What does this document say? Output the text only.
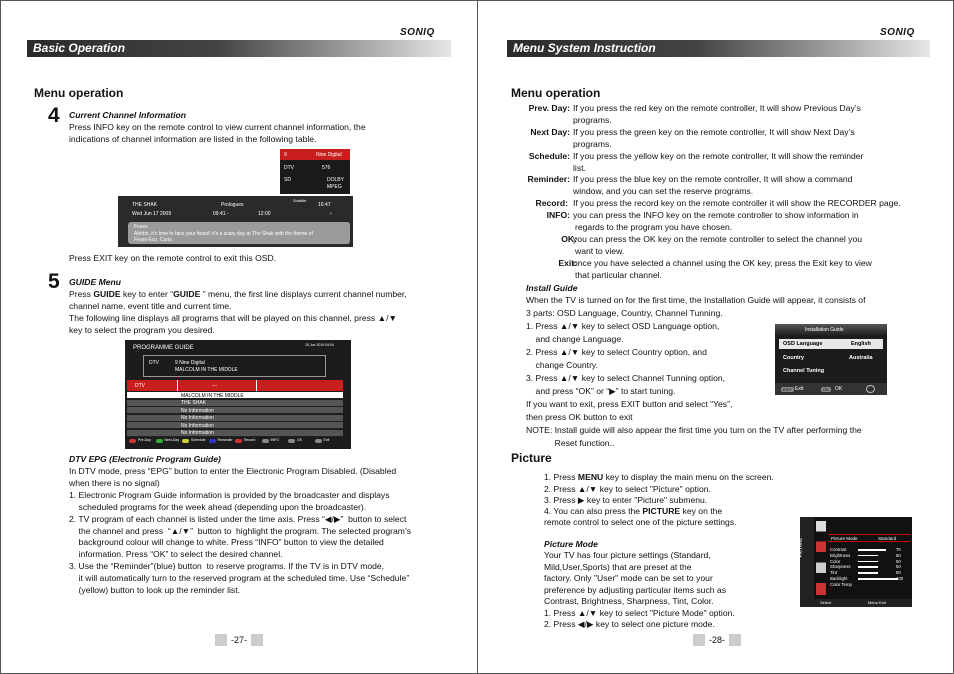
SONIQ
Basic Operation
Menu operation
4 Current Channel Information
Press INFO key on the remote control to view current channel information, the
indications of channel information are listed in the following table.
9	Nine Digital
DTV	576
SD	DOLBY
MPEG
Subtitle
16:47
THE SHAK	Prologues
Wed Jun 17 2009	09:41 -	12:00	›
Foxes
Ahhhh, it's time to face your fears!! it's a scary day at The Shak with the theme of
Fears-Eco. Curio.
Press EXIT key on the remote control to exit this OSD.
5 GUIDE Menu
Press GUIDE key to enter “GUIDE ” menu, the first line displays current channel number,
channel name, event title and current time.
The following line displays all programs that will be played on this channel, press ▲/▼
key to select the program you desired.
PROGRAMME GUIDE	15 Jun 2019 04:04
DTV	9 Nine Digital
MALCOLM IN THE MIDDLE
DTV	---
MALCOLM IN THE MIDDLE
THE SHAK
No Information
No Information
No Information
No Information
Pre-Day	Next-Day	Schedule	Reminder	Record	INFO	OK	Exit
DTV EPG (Electronic Program Guide)
In DTV mode, press “EPG” button to enter the Electronic Program Disabled. (Disabled
when there is no signal)
1. Electronic Program Guide information is provided by the broadcaster and displays
scheduled programs for the week ahead (depending upon the broadcaster).
2. TV program of each channel is listed under the time axis. Press “◀/▶”  button to select
the channel and press  “▲/▼”  button to  highlight the program. The selected program’s
background colour will change to white. Press “INFO” button to view the detailed
information. Press “OK” to select the desired channel.
3. Use the “Reminder”(blue) button  to reserve programs. If the TV is in DTV mode,
it will automatically turn to the reserved program at the scheduled time. Use “Schedule”
(yellow) button to look up the reminder list.
-27-
SONIQ
Menu System Instruction
Menu operation
Prev. Day: If you press the red key on the remote controller, It will show Previous Day’s
programs.
Next Day: If you press the green key on the remote controller, It will show Next Day’s
programs.
Schedule: If you press the yellow key on the remote controller, It will show the reminder
list.
Reminder: If you press the blue key on the remote controller, It will show a command
window, and you can set the reserve programs.
Record: If you press the record key on the remote controller it will show the RECORDER page.
INFO: you can press the INFO key on the remote controller to show information in
regards to the program you have chosen.
OK:
you can press the OK key on the remote controller to select the channel you
want to view.
Exit:
once you have selected a channel using the OK key, press the Exit key to view
that particular channel.
Install Guide
When the TV is turned on for the first time, the Installation Guide will appear, it consists of
3 parts: OSD Language, Country, Channel Tunning.
1. Press ▲/▼ key to select OSD Language option,
and change Language.
2. Press ▲/▼ key to select Country option, and
change Country.
3. Press ▲/▼ key to select Channel Tunning option,
and press “OK” or “▶” to start tuning.
If you want to exit, press EXIT button and select “Yes”,
then press OK button to exit
NOTE: Install guide will also appear the first time you turn on the TV after performing the
Reset function..
Installation Guide
OSD Language	English
Country	Australia
Channel Tuning
EXIT Exit	OK	OK
Picture
1. Press MENU key to display the main menu on the screen.
2. Press ▲/▼ key to select "Picture" option.
3. Press ▶ key to enter "Picture" submenu.
4. You can also press the PICTURE key on the
remote control to select one of the picture settings.
Picture Mode
Your TV has four picture settings (Standard,
Mild,User,Sports) that are preset at the
factory. Only "User" mode can be set to your
preference by adjusting particular items such as
Contrast, Brightness, Sharpness, Tint, Color.
1. Press ▲/▼ key to select "Picture Mode" option.
2. Press ◀/▶ key to select one picture mode.
PICTURE	Picture Mode	Standard
Contrast	70
Brightness	50
Color	50
Sharpness	50
Tint	50
Backlight	100
Color Temp
Select	Menu Exit
-28-
